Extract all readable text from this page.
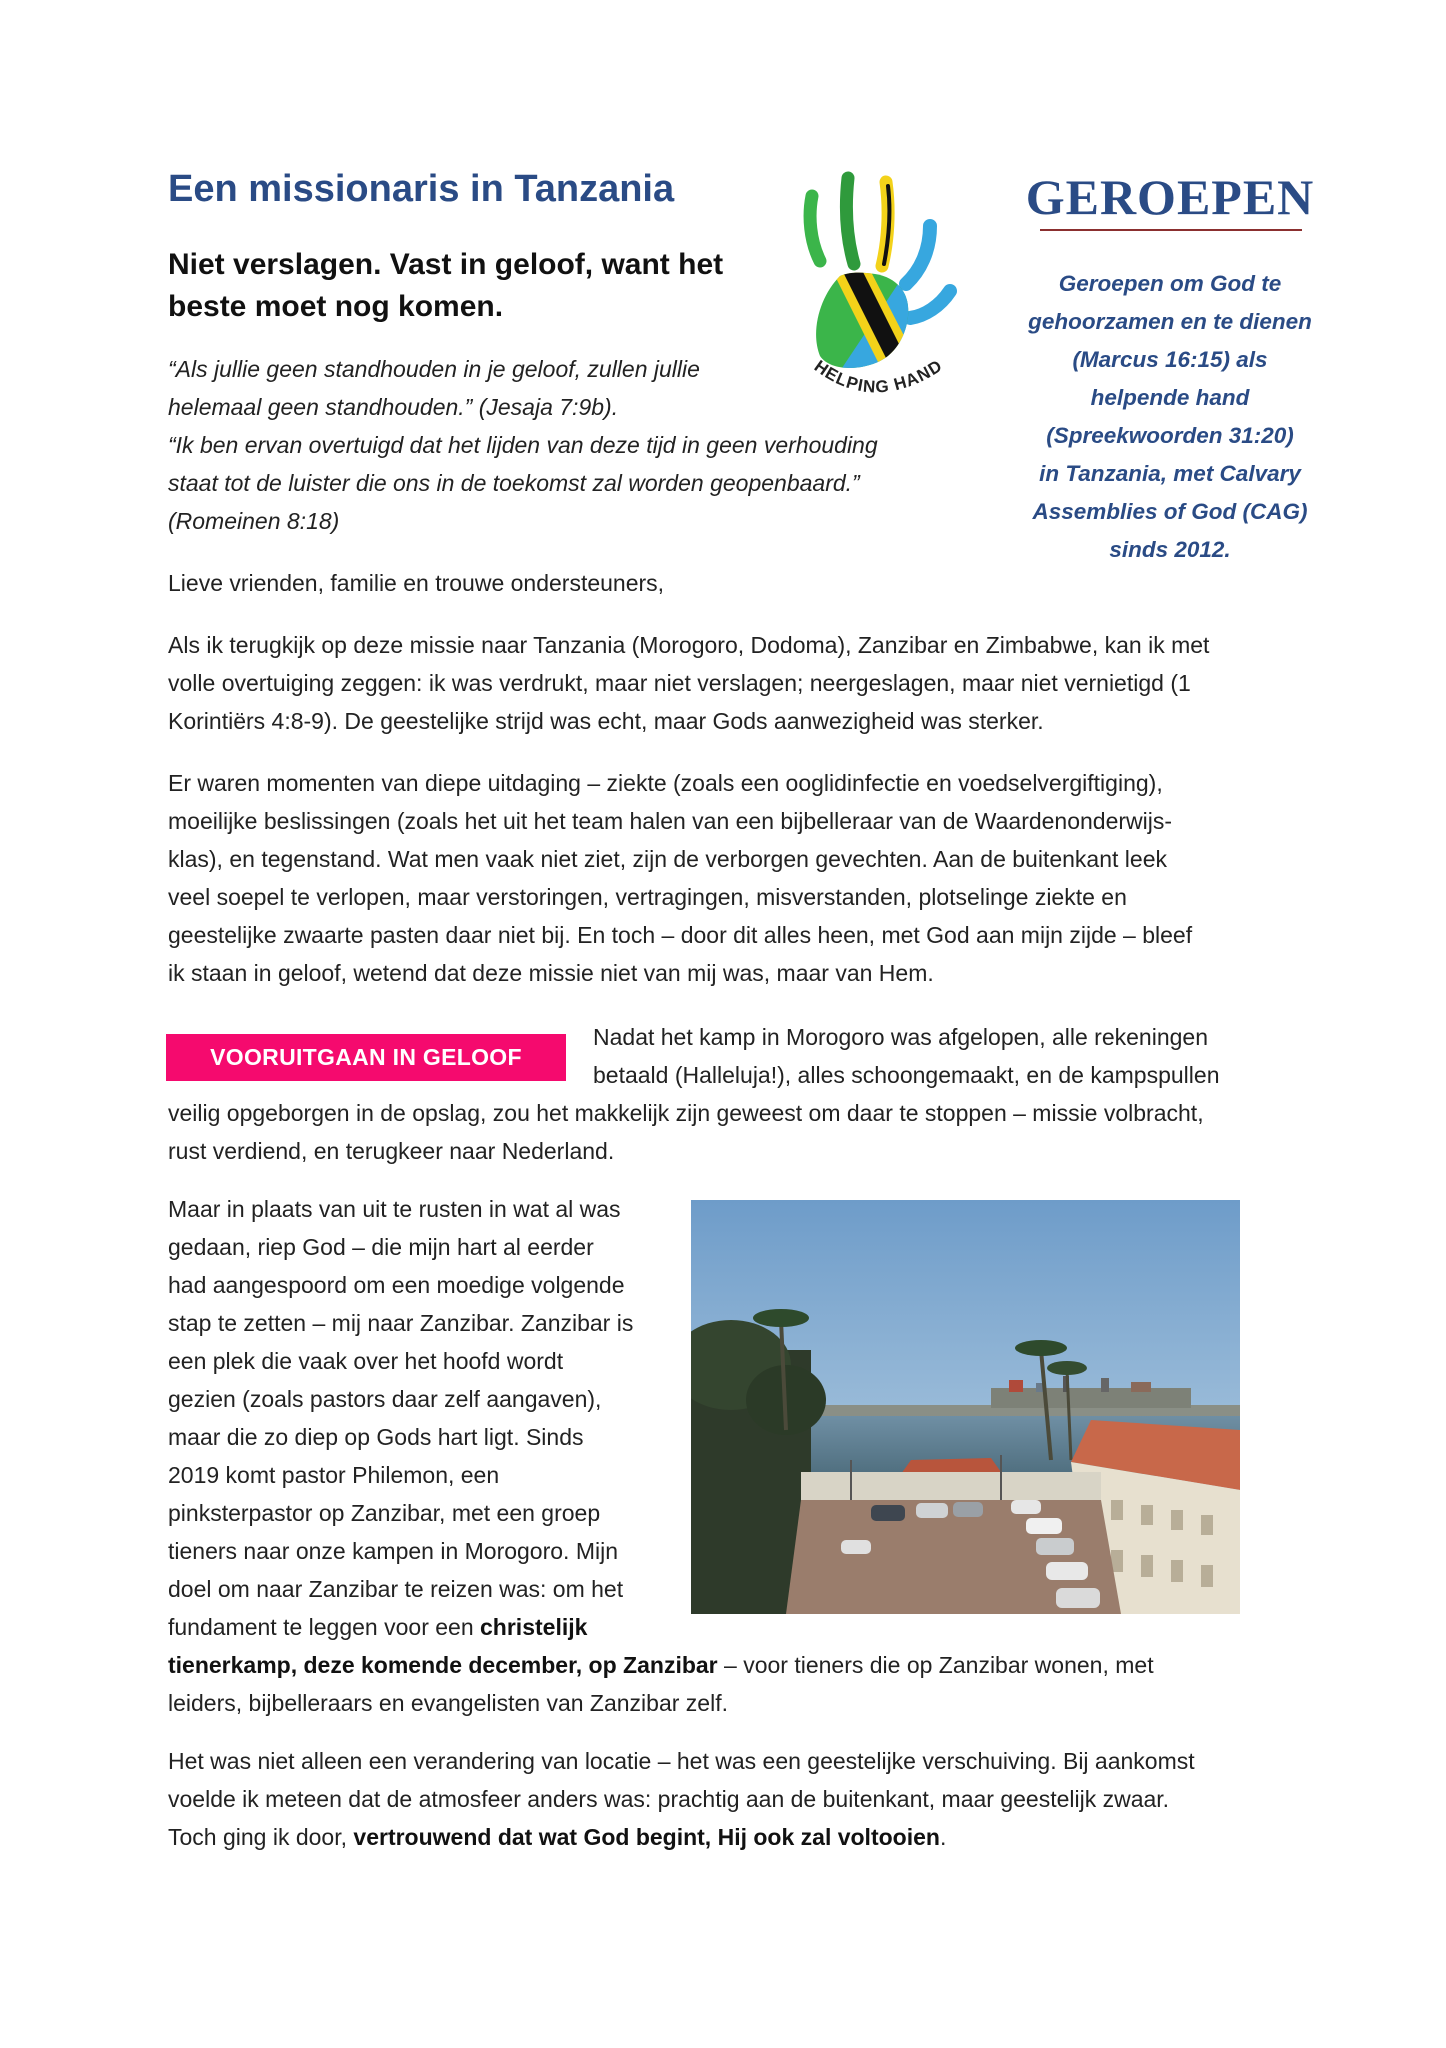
Een missionaris in Tanzania

Niet verslagen. Vast in geloof, want het beste moet nog komen.

“Als jullie geen standhouden in je geloof, zullen jullie
helemaal geen standhouden.” (Jesaja 7:9b).
“Ik ben ervan overtuigd dat het lijden van deze tijd in geen verhouding
staat tot de luister die ons in de toekomst zal worden geopenbaard.”
(Romeinen 8:18)
HELPING HAND
GEROEPEN
Geroepen om God te
gehoorzamen en te dienen
(Marcus 16:15) als
helpende hand
(Spreekwoorden 31:20)
in Tanzania, met Calvary
Assemblies of God (CAG)
sinds 2012.

Lieve vrienden, familie en trouwe ondersteuners,

Als ik terugkijk op deze missie naar Tanzania (Morogoro, Dodoma), Zanzibar en Zimbabwe, kan ik met
volle overtuiging zeggen: ik was verdrukt, maar niet verslagen; neergeslagen, maar niet vernietigd (1
Korintiërs 4:8-9). De geestelijke strijd was echt, maar Gods aanwezigheid was sterker.
Er waren momenten van diepe uitdaging – ziekte (zoals een ooglidinfectie en voedselvergiftiging),
moeilijke beslissingen (zoals het uit het team halen van een bijbelleraar van de Waardenonderwijs-
klas), en tegenstand. Wat men vaak niet ziet, zijn de verborgen gevechten. Aan de buitenkant leek
veel soepel te verlopen, maar verstoringen, vertragingen, misverstanden, plotselinge ziekte en
geestelijke zwaarte pasten daar niet bij. En toch – door dit alles heen, met God aan mijn zijde – bleef
ik staan in geloof, wetend dat deze missie niet van mij was, maar van Hem.
VOORUITGAAN IN GELOOF
Nadat het kamp in Morogoro was afgelopen, alle rekeningen
betaald (Halleluja!), alles schoongemaakt, en de kampspullen
veilig opgeborgen in de opslag, zou het makkelijk zijn geweest om daar te stoppen – missie volbracht,
rust verdiend, en terugkeer naar Nederland.
Maar in plaats van uit te rusten in wat al was
gedaan, riep God – die mijn hart al eerder
had aangespoord om een moedige volgende
stap te zetten – mij naar Zanzibar. Zanzibar is
een plek die vaak over het hoofd wordt
gezien (zoals pastors daar zelf aangaven),
maar die zo diep op Gods hart ligt. Sinds
2019 komt pastor Philemon, een
pinksterpastor op Zanzibar, met een groep
tieners naar onze kampen in Morogoro. Mijn
doel om naar Zanzibar te reizen was: om het
fundament te leggen voor een christelijk
tienerkamp, deze komende december, op Zanzibar – voor tieners die op Zanzibar wonen, met
leiders, bijbelleraars en evangelisten van Zanzibar zelf.
Het was niet alleen een verandering van locatie – het was een geestelijke verschuiving. Bij aankomst
voelde ik meteen dat de atmosfeer anders was: prachtig aan de buitenkant, maar geestelijk zwaar.
Toch ging ik door, vertrouwend dat wat God begint, Hij ook zal voltooien.
